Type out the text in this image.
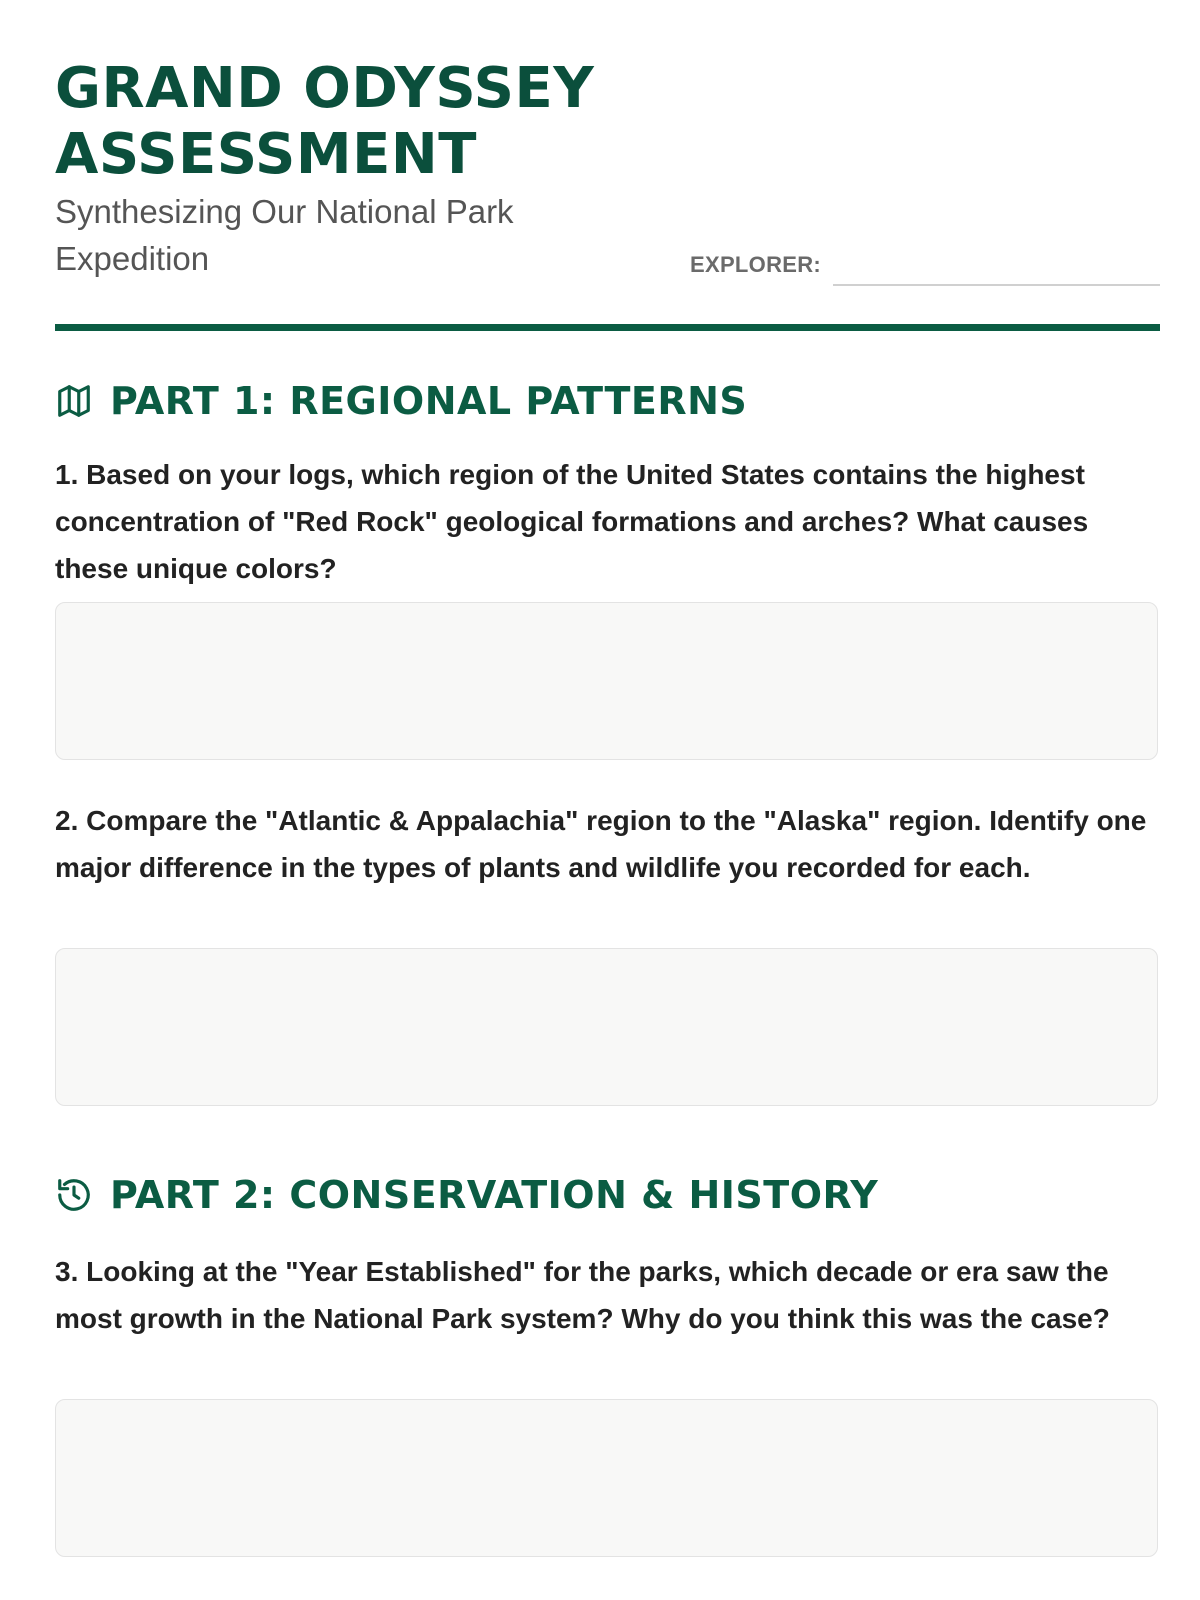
GRAND ODYSSEY ASSESSMENT

Synthesizing Our National Park Expedition	EXPLORER:
PART 1: REGIONAL PATTERNS

1. Based on your logs, which region of the United States contains the highest concentration of "Red Rock" geological formations and arches? What causes these unique colors?

2. Compare the "Atlantic & Appalachia" region to the "Alaska" region. Identify one major difference in the types of plants and wildlife you recorded for each.

PART 2: CONSERVATION & HISTORY

3. Looking at the "Year Established" for the parks, which decade or era saw the most growth in the National Park system? Why do you think this was the case?
